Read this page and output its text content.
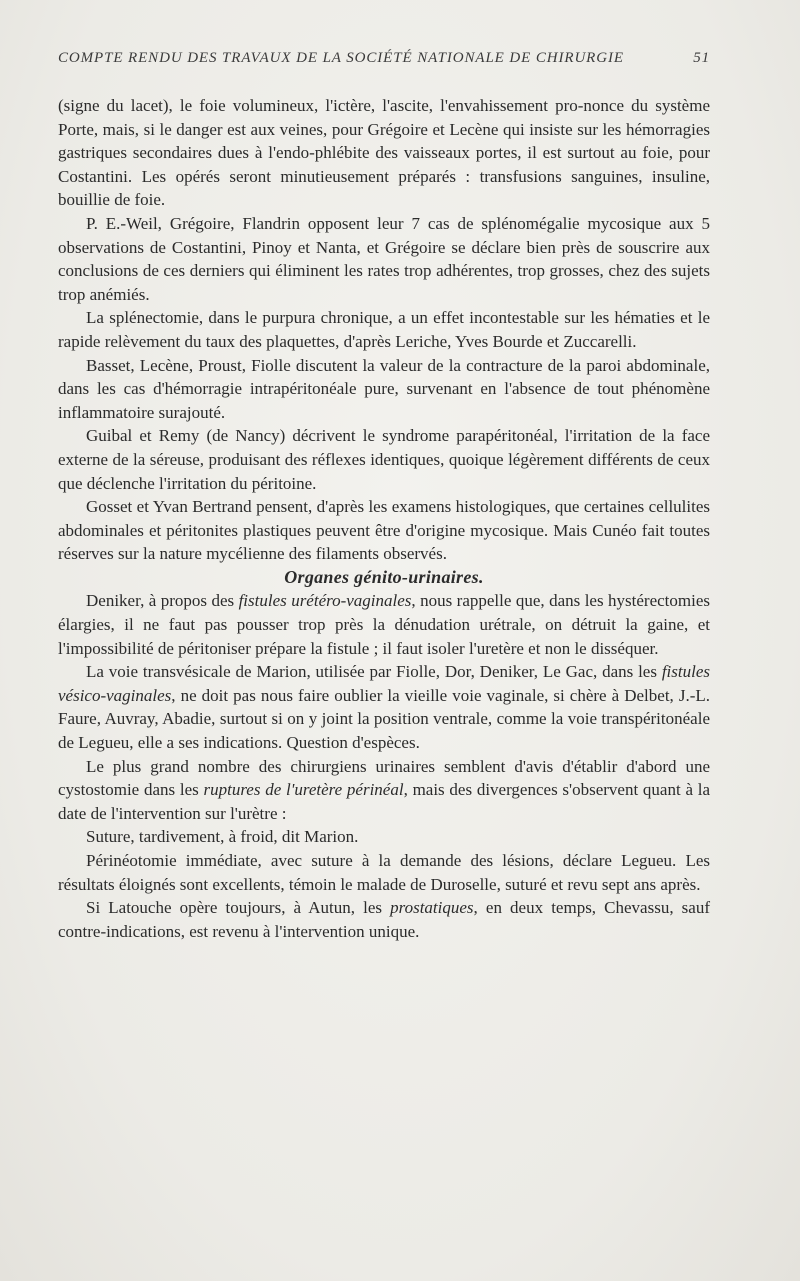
COMPTE RENDU DES TRAVAUX DE LA SOCIÉTÉ NATIONALE DE CHIRURGIE	51

(signe du lacet), le foie volumineux, l'ictère, l'ascite, l'envahissement pro-nonce du système Porte, mais, si le danger est aux veines, pour Grégoire et Lecène qui insiste sur les hémorragies gastriques secondaires dues à l'endo-phlébite des vaisseaux portes, il est surtout au foie, pour Costantini. Les opérés seront minutieusement préparés : transfusions sanguines, insuline, bouillie de foie.

P. E.-Weil, Grégoire, Flandrin opposent leur 7 cas de splénomégalie mycosique aux 5 observations de Costantini, Pinoy et Nanta, et Grégoire se déclare bien près de souscrire aux conclusions de ces derniers qui éliminent les rates trop adhérentes, trop grosses, chez des sujets trop anémiés.

La splénectomie, dans le purpura chronique, a un effet incontestable sur les hématies et le rapide relèvement du taux des plaquettes, d'après Leriche, Yves Bourde et Zuccarelli.

Basset, Lecène, Proust, Fiolle discutent la valeur de la contracture de la paroi abdominale, dans les cas d'hémorragie intrapéritonéale pure, survenant en l'absence de tout phénomène inflammatoire surajouté.

Guibal et Remy (de Nancy) décrivent le syndrome parapéritonéal, l'irritation de la face externe de la séreuse, produisant des réflexes identiques, quoique légèrement différents de ceux que déclenche l'irritation du péritoine.

Gosset et Yvan Bertrand pensent, d'après les examens histologiques, que certaines cellulites abdominales et péritonites plastiques peuvent être d'origine mycosique. Mais Cunéo fait toutes réserves sur la nature mycélienne des filaments observés.

Organes génito-urinaires.

Deniker, à propos des fistules urétéro-vaginales, nous rappelle que, dans les hystérectomies élargies, il ne faut pas pousser trop près la dénudation urétrale, on détruit la gaine, et l'impossibilité de péritoniser prépare la fistule ; il faut isoler l'uretère et non le disséquer.

La voie transvésicale de Marion, utilisée par Fiolle, Dor, Deniker, Le Gac, dans les fistules vésico-vaginales, ne doit pas nous faire oublier la vieille voie vaginale, si chère à Delbet, J.-L. Faure, Auvray, Abadie, surtout si on y joint la position ventrale, comme la voie transpéritonéale de Legueu, elle a ses indications. Question d'espèces.

Le plus grand nombre des chirurgiens urinaires semblent d'avis d'établir d'abord une cystostomie dans les ruptures de l'uretère périnéal, mais des divergences s'observent quant à la date de l'intervention sur l'urètre :

Suture, tardivement, à froid, dit Marion.

Périnéotomie immédiate, avec suture à la demande des lésions, déclare Legueu. Les résultats éloignés sont excellents, témoin le malade de Duroselle, suturé et revu sept ans après.

Si Latouche opère toujours, à Autun, les prostatiques, en deux temps, Chevassu, sauf contre-indications, est revenu à l'intervention unique.
